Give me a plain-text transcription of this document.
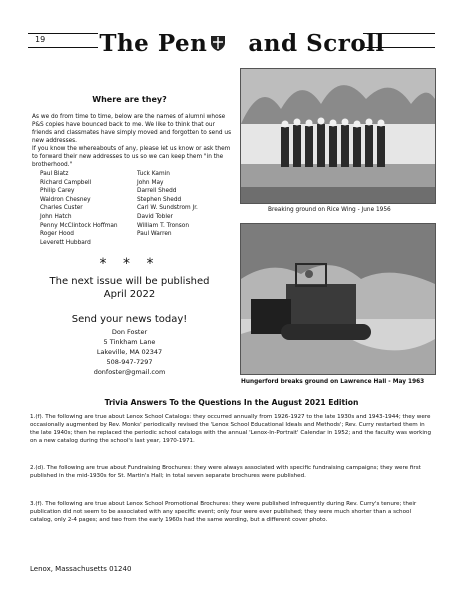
19	The Pen and Scroll
Where are they?
As we do from time to time, below are the names of alumni whose P&S copies have bounced back to me. We like to think that our friends and classmates have simply moved and forgotten to send us new addresses.
If you know the whereabouts of any, please let us know or ask them to forward their new addresses to us so we can keep them "in the brotherhood."
Paul Blatz
Richard Campbell
Philip Carey
Waldron Chesney
Charles Custer
John Hatch
Penny McClintock Hoffman
Roger Hood
Leverett Hubbard
Tuck Kamin
John May
Darrell Shedd
Stephen Shedd
Carl W. Sundstrom Jr.
David Tobler
William T. Tronson
Paul Warren
* * *
The next issue will be published
April 2022
Send your news today!
Don Foster
5 Tinkham Lane
Lakeville, MA 02347
508-947-7297
donfoster@gmail.com
Breaking ground on Rice Wing - June 1956
Hungerford breaks ground on Lawrence Hall - May 1963
Trivia Answers To the Questions In the August 2021 Edition
1.(f). The following are true about Lenox School Catalogs: they occurred annually from 1926-1927 to the late 1930s and 1943-1944; they were occasionally augmented by Rev. Monks' periodically revised the 'Lenox School Educational Ideals and Methods'; Rev. Curry restarted them in the late 1940s; then he replaced the periodic school catalogs with the annual 'Lenox-In-Portrait' Calendar in 1952; and the faculty was working on a new catalog during the school's last year, 1970-1971.
2.(d). The following are true about Fundraising Brochures: they were always associated with specific fundraising campaigns; they were first published in the mid-1930s for St. Martin's Hall; in total seven separate brochures were published.
3.(f). The following are true about Lenox School Promotional Brochures: they were published infrequently during Rev. Curry's tenure; their publication did not seem to be associated with any specific event; only four were ever published; they were much shorter than a school catalog, only 2-4 pages; and two from the early 1960s had the same wording, but a different cover photo.
Lenox, Massachusetts 01240
